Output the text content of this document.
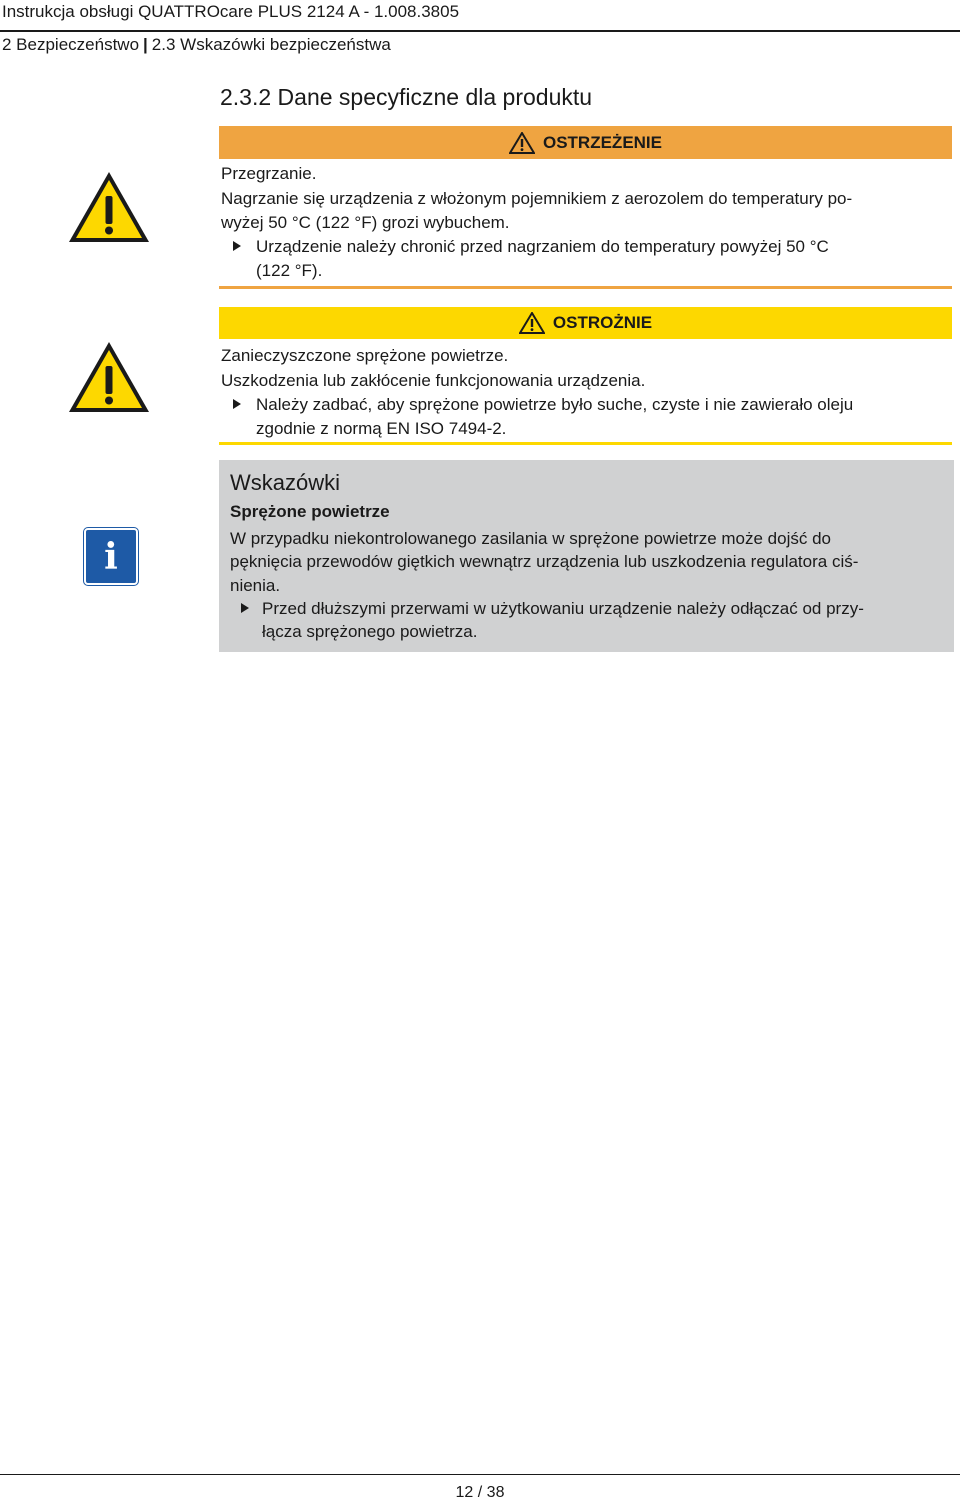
Instrukcja obsługi QUATTROcare PLUS 2124 A - 1.008.3805
2 Bezpieczeństwo | 2.3 Wskazówki bezpieczeństwa
2.3.2 Dane specyficzne dla produktu
OSTRZEŻENIE
Przegrzanie.
Nagrzanie się urządzenia z włożonym pojemnikiem z aerozolem do temperatury po-
wyżej 50 °C (122 °F) grozi wybuchem.
Urządzenie należy chronić przed nagrzaniem do temperatury powyżej 50 °C
(122 °F).
OSTROŻNIE
Zanieczyszczone sprężone powietrze.
Uszkodzenia lub zakłócenie funkcjonowania urządzenia.
Należy zadbać, aby sprężone powietrze było suche, czyste i nie zawierało oleju
zgodnie z normą EN ISO 7494-2.
i
Wskazówki
Sprężone powietrze
W przypadku niekontrolowanego zasilania w sprężone powietrze może dojść do
pęknięcia przewodów giętkich wewnątrz urządzenia lub uszkodzenia regulatora ciś-
nienia.
Przed dłuższymi przerwami w użytkowaniu urządzenie należy odłączać od przy-
łącza sprężonego powietrza.
12 / 38
